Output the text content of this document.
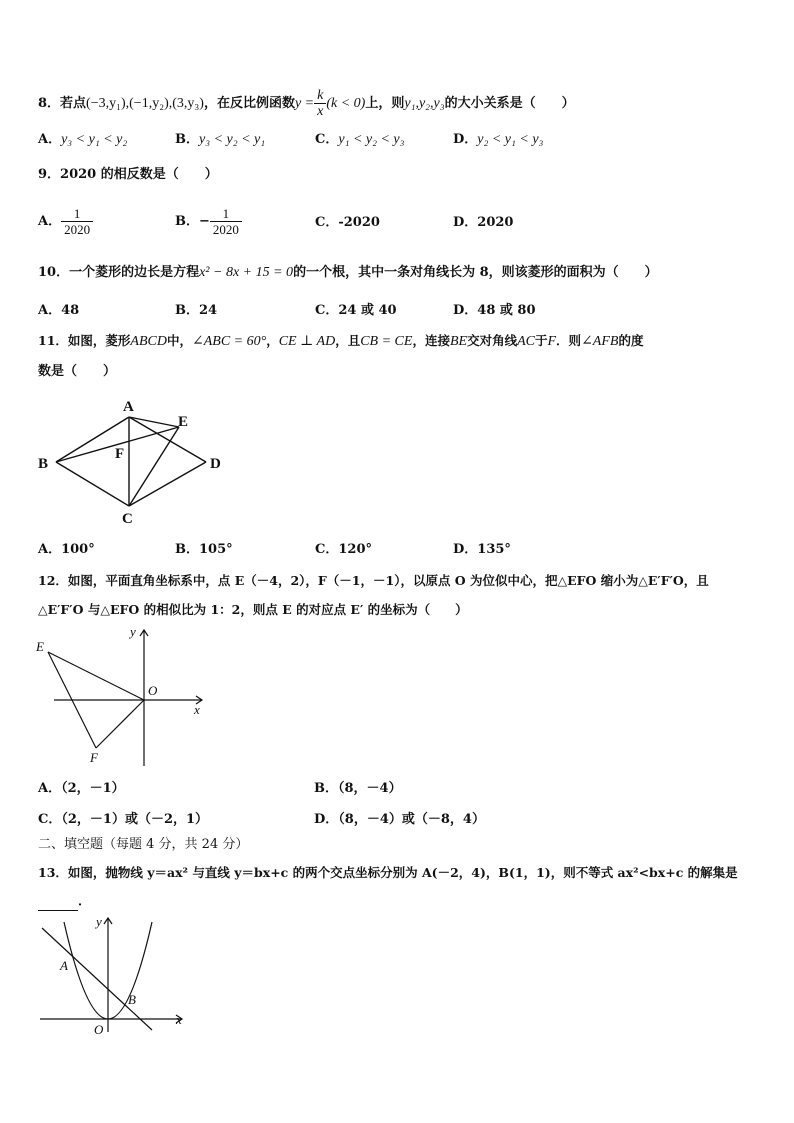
8．若点(−3,y₁),(−1,y₂),(3,y₃)，在反比例函数$y = \frac{k}{x} (k < 0)$上，则y₁,y₂,y₃的大小关系是（　　）
A．y₃ < y₁ < y₂	B．y₃ < y₂ < y₁	C．y₁ < y₂ < y₃	D．y₂ < y₁ < y₃
9．2020 的相反数是（　　）
A． $\frac{1}{2020}$	B．− $\frac{1}{2020}$	C．-2020	D．2020
10．一个菱形的边长是方程x² − 8x + 15 = 0的一个根，其中一条对角线长为 8，则该菱形的面积为（　　）
A．48	B．24	C．24 或 40	D．48 或 80
11．如图，菱形ABCD中，∠ABC = 60°，CE ⊥ AD，且CB = CE，连接BE交对角线AC于F．则∠AFB的度
数是（　　）
A
B
C
D
E
F
A．100°	B．105°	C．120°	D．135°
12．如图，平面直角坐标系中，点 E（－4，2），F（－1，－1），以原点 O 为位似中心，把△EFO 缩小为△E′F′O，且
△E′F′O 与△EFO 的相似比为 1：2，则点 E 的对应点 E′ 的坐标为（　　）
E
F
O
x
y
A．（2，－1）	B．（8，－4）
C．（2，－1）或（－2，1）	D．（8，－4）或（－8，4）
二、填空题（每题 4 分，共 24 分）
13．如图，抛物线 y＝ax² 与直线 y＝bx+c 的两个交点坐标分别为 A(－2，4)，B(1，1)，则不等式 ax²<bx+c 的解集是
．
A
B
O
x
y
